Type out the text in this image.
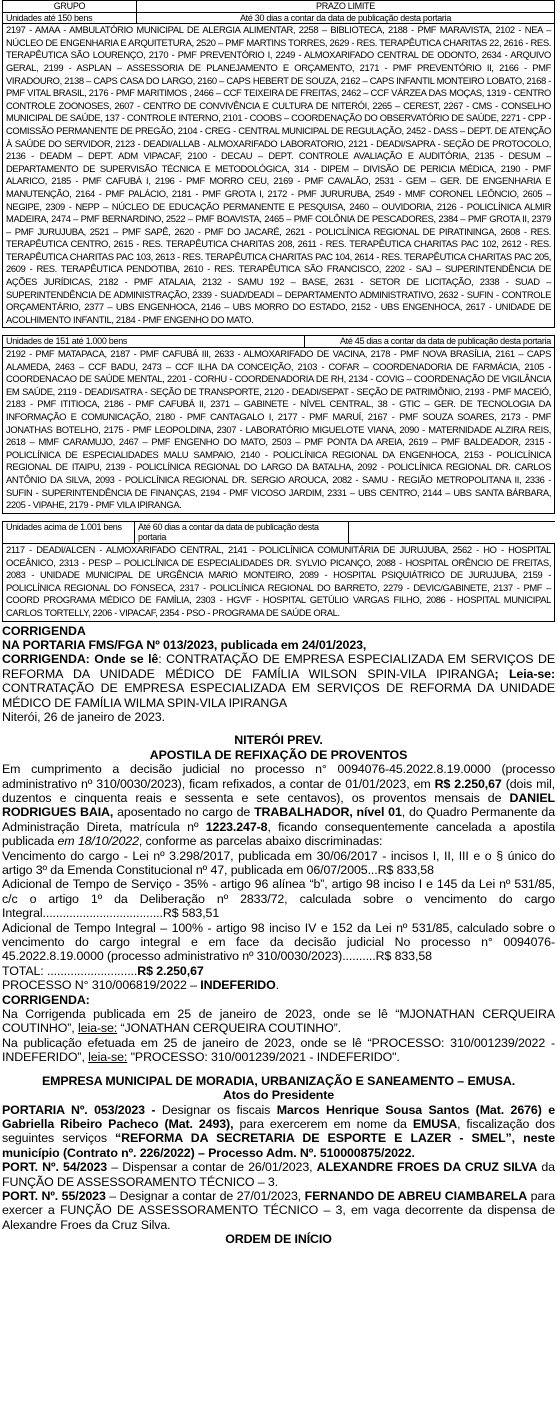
GRUPO	PRAZO LIMITE
Unidades até 150 bens	Até 30 dias a contar da data de publicação desta portaria
2197 - AMAA - AMBULATÓRIO MUNICIPAL DE ALERGIA ALIMENTAR, 2258 – BIBLIOTECA, 2188 - PMF MARAVISTA, 2102 - NEA – NÚCLEO DE ENGENHARIA E ARQUITETURA, 2520 – PMF MARTINS TORRES, 2629 - RES. TERAPÊUTICA CHARITAS 22, 2616 - RES. TERAPÊUTICA SÃO LOURENÇO, 2170 - PMF PREVENTÓRIO I, 2249 - ALMOXARIFADO CENTRAL DE ODONTO, 2634 - ARQUIVO GERAL, 2199 - ASPLAN – ASSESSORIA DE PLANEJAMENTO E ORÇAMENTO, 2171 - PMF PREVENTÓRIO II, 2166 - PMF VIRADOURO, 2138 – CAPS CASA DO LARGO, 2160 – CAPS HEBERT DE SOUZA, 2162 – CAPS INFANTIL MONTEIRO LOBATO, 2168 - PMF VITAL BRASIL, 2176 - PMF MARITIMOS , 2466 – CCF TEIXEIRA DE FREITAS, 2462 – CCF VÁRZEA DAS MOÇAS, 1319 - CENTRO CONTROLE ZOONOSES, 2607 - CENTRO DE CONVIVÊNCIA E CULTURA DE NITERÓI, 2265 – CEREST, 2267 - CMS - CONSELHO MUNICIPAL DE SAÚDE, 137 - CONTROLE INTERNO, 2101 - COOBS – COORDENAÇÃO DO OBSERVATÓRIO DE SAÚDE, 2271 - CPP -COMISSÃO PERMANENTE DE PREGÃO, 2104 - CREG - CENTRAL MUNICIPAL DE REGULAÇÃO, 2452 - DASS – DEPT. DE ATENÇÃO À SAÚDE DO SERVIDOR, 2123 - DEADI/ALLAB - ALMOXARIFADO LABORATORIO, 2121 - DEADI/SAPRA - SEÇÃO DE PROTOCOLO, 2136 - DEADM – DEPT. ADM VIPACAF, 2100 - DECAU – DEPT. CONTROLE AVALIAÇÃO E AUDITÓRIA, 2135 - DESUM – DEPARTAMENTO DE SUPERVISÃO TÉCNICA E METODOLÓGICA, 314 - DIPEM – DIVISÃO DE PERICIA MÉDICA, 2190 - PMF ALARICO, 2185 - PMF CAFUBÁ I, 2196 - PMF MORRO CEU, 2169 - PMF CAVALÃO, 2531 - GEM – GER. DE ENGENHARIA E MANUTENÇÃO, 2164 - PMF PALÁCIO, 2181 - PMF GROTA I, 2172 - PMF JURURUBA, 2549 - MMF CORONEL LEÔNCIO, 2605 – NEGIPE, 2309 - NEPP – NÚCLEO DE EDUCAÇÃO PERMANENTE E PESQUISA, 2460 – OUVIDORIA, 2126 - POLICLÍNICA ALMIR MADEIRA, 2474 – PMF BERNARDINO, 2522 – PMF BOAVISTA, 2465 – PMF COLÔNIA DE PESCADORES, 2384 – PMF GROTA II, 2379 – PMF JURUJUBA, 2521 – PMF SAPÊ, 2620 - PMF DO JACARÉ, 2621 - POLICLÍNICA REGIONAL DE PIRATININGA, 2608 - RES. TERAPÊUTICA CENTRO, 2615 - RES. TERAPÊUTICA CHARITAS 208, 2611 - RES. TERAPÊUTICA CHARITAS PAC 102, 2612 - RES. TERAPÊUTICA CHARITAS PAC 103, 2613 - RES. TERAPÊUTICA CHARITAS PAC 104, 2614 - RES. TERAPÊUTICA CHARITAS PAC 205, 2609 - RES. TERAPÊUTICA PENDOTIBA, 2610 - RES. TERAPÊUTICA SÃO FRANCISCO, 2202 - SAJ – SUPERINTENDÊNCIA DE AÇÕES JURÍDICAS, 2182 - PMF ATALAIA, 2132 - SAMU 192 – BASE, 2631 - SETOR DE LICITAÇÃO, 2338 - SUAD – SUPERINTENDÊNCIA DE ADMINISTRAÇÃO, 2339 - SUAD/DEADI – DEPARTAMENTO ADMINISTRATIVO, 2632 - SUFIN - CONTROLE ORÇAMENTÁRIO, 2377 – UBS ENGENHOCA, 2146 – UBS MORRO DO ESTADO, 2152 - UBS ENGENHOCA, 2617 - UNIDADE DE ACOLHIMENTO INFANTIL, 2184 - PMF ENGENHO DO MATO.
Unidades de 151 até 1.000 bens	Até 45 dias a contar da data de publicação desta portaria
2192 - PMF MATAPACA, 2187 - PMF CAFUBÁ III, 2633 - ALMOXARIFADO DE VACINA, 2178 - PMF NOVA BRASÍLIA, 2161 – CAPS ALAMEDA, 2463 – CCF BADU, 2473 – CCF ILHA DA CONCEIÇÃO, 2103 - COFAR – COORDENADORIA DE FARMÁCIA, 2105 - COORDENACAO DE SAÚDE MENTAL, 2201 - CORHU - COORDENADORIA DE RH, 2134 - COVIG – COORDENAÇÃO DE VIGILÂNCIA EM SAÚDE, 2119 - DEADI/SATRA - SEÇÃO DE TRANSPORTE, 2120 - DEADI/SEPAT - SEÇÃO DE PATRIMÔNIO, 2193 - PMF MACEIÓ, 2183 - PMF ITITIOCA, 2186 - PMF CAFUBÁ II, 2371 – GABINETE - NÍVEL CENTRAL, 38 - GTIC – GER. DE TECNOLOGIA DA INFORMAÇÃO E COMUNICAÇÃO, 2180 - PMF CANTAGALO I, 2177 - PMF MARUÍ, 2167 - PMF SOUZA SOARES, 2173 - PMF JONATHAS BOTELHO, 2175 - PMF LEOPOLDINA, 2307 - LABORATÓRIO MIGUELOTE VIANA, 2090 - MATERNIDADE ALZIRA REIS, 2618 – MMF CARAMUJO, 2467 – PMF ENGENHO DO MATO, 2503 – PMF PONTA DA AREIA, 2619 – PMF BALDEADOR, 2315 - POLICLÍNICA DE ESPECIALIDADES MALU SAMPAIO, 2140 - POLICLÍNICA REGIONAL DA ENGENHOCA, 2153 - POLICLÍNICA REGIONAL DE ITAIPU, 2139 - POLICLÍNICA REGIONAL DO LARGO DA BATALHA, 2092 - POLICLÍNICA REGIONAL DR. CARLOS ANTÔNIO DA SILVA, 2093 - POLICLÍNICA REGIONAL DR. SERGIO AROUCA, 2082 - SAMU - REGIÃO METROPOLITANA II, 2336 - SUFIN - SUPERINTENDÊNCIA DE FINANÇAS, 2194 - PMF VICOSO JARDIM, 2331 – UBS CENTRO, 2144 – UBS SANTA BÁRBARA, 2205 - VIPAHE, 2179 - PMF VILA IPIRANGA.
Unidades acima de 1.001 bens	Até 60 dias a contar da data de publicação desta portaria
2117 - DEADI/ALCEN - ALMOXARIFADO CENTRAL, 2141 - POLICLÍNICA COMUNITÁRIA DE JURUJUBA, 2562 - HO - HOSPITAL OCEÂNICO, 2313 - PESP – POLICLÍNICA DE ESPECIALIDADES DR. SYLVIO PICANÇO, 2088 - HOSPITAL ORÊNCIO DE FREITAS, 2083 - UNIDADE MUNICIPAL DE URGÊNCIA MARIO MONTEIRO, 2089 - HOSPITAL PSIQUIÁTRICO DE JURUJUBA, 2159 - POLICLÍNICA REGIONAL DO FONSECA, 2317 - POLICLÍNICA REGIONAL DO BARRETO, 2279 - DEVIC/GABINETE, 2137 - PMF – COORD PROGRAMA MÉDICO DE FAMÍLIA, 2303 - HGVF - HOSPITAL GETÚLIO VARGAS FILHO, 2086 - HOSPITAL MUNICIPAL CARLOS TORTELLY, 2206 - VIPACAF, 2354 - PSO - PROGRAMA DE SAÚDE ORAL.
CORRIGENDA
NA PORTARIA FMS/FGA Nº 013/2023, publicada em 24/01/2023,
CORRIGENDA: Onde se lê: CONTRATAÇÃO DE EMPRESA ESPECIALIZADA EM SERVIÇOS DE REFORMA DA UNIDADE MÉDICO DE FAMÍLIA WILSON SPIN-VILA IPIRANGA; Leia-se: CONTRATAÇÃO DE EMPRESA ESPECIALIZADA EM SERVIÇOS DE REFORMA DA UNIDADE MÉDICO DE FAMÍLIA WILMA SPIN-VILA IPIRANGA
Niterói, 26 de janeiro de 2023.
NITERÓI PREV.
APOSTILA DE REFIXAÇÃO DE PROVENTOS
Em cumprimento a decisão judicial no processo n° 0094076-45.2022.8.19.0000 (processo administrativo nº 310/0030/2023), ficam refixados, a contar de 01/01/2023, em R$ 2.250,67 (dois mil, duzentos e cinquenta reais e sessenta e sete centavos), os proventos mensais de DANIEL RODRIGUES BAIA, aposentado no cargo de TRABALHADOR, nível 01, do Quadro Permanente da Administração Direta, matrícula nº 1223.247-8, ficando consequentemente cancelada a apostila publicada em 18/10/2022, conforme as parcelas abaixo discriminadas:
Vencimento do cargo - Lei nº 3.298/2017, publicada em 30/06/2017 - incisos I, II, III e o § único do artigo 3º da Emenda Constitucional nº 47, publicada em 06/07/2005...R$ 833,58
Adicional de Tempo de Serviço - 35% - artigo 96 alínea “b”, artigo 98 inciso I e 145 da Lei nº 531/85, c/c o artigo 1º da Deliberação nº 2833/72, calculada sobre o vencimento do cargo Integral....................................R$ 583,51
Adicional de Tempo Integral – 100% - artigo 98 inciso IV e 152 da Lei nº 531/85, calculado sobre o vencimento do cargo integral e em face da decisão judicial No processo n° 0094076-45.2022.8.19.0000 (processo administrativo nº 310/0030/2023)..........R$ 833,58
TOTAL: ...........................R$ 2.250,67
PROCESSO N° 310/006819/2022 – INDEFERIDO.
CORRIGENDA:
Na Corrigenda publicada em 25 de janeiro de 2023, onde se lê “MJONATHAN CERQUEIRA COUTINHO”, leia-se: “JONATHAN CERQUEIRA COUTINHO”.
Na publicação efetuada em 25 de janeiro de 2023, onde se lê “PROCESSO: 310/001239/2022 - INDEFERIDO”, leia-se: "PROCESSO: 310/001239/2021 - INDEFERIDO".
EMPRESA MUNICIPAL DE MORADIA, URBANIZAÇÃO E SANEAMENTO – EMUSA.
Atos do Presidente
PORTARIA Nº. 053/2023 - Designar os fiscais Marcos Henrique Sousa Santos (Mat. 2676) e Gabriella Ribeiro Pacheco (Mat. 2493), para exercerem em nome da EMUSA, fiscalização dos seguintes serviços “REFORMA DA SECRETARIA DE ESPORTE E LAZER - SMEL”, neste município (Contrato nº. 226/2022) – Processo Adm. Nº. 510000875/2022.
PORT. Nº. 54/2023 – Dispensar a contar de 26/01/2023, ALEXANDRE FROES DA CRUZ SILVA da FUNÇÃO DE ASSESSORAMENTO TÉCNICO – 3.
PORT. Nº. 55/2023 – Designar a contar de 27/01/2023, FERNANDO DE ABREU CIAMBARELA para exercer a FUNÇÃO DE ASSESSORAMENTO TÉCNICO – 3, em vaga decorrente da dispensa de Alexandre Froes da Cruz Silva.
ORDEM DE INÍCIO
